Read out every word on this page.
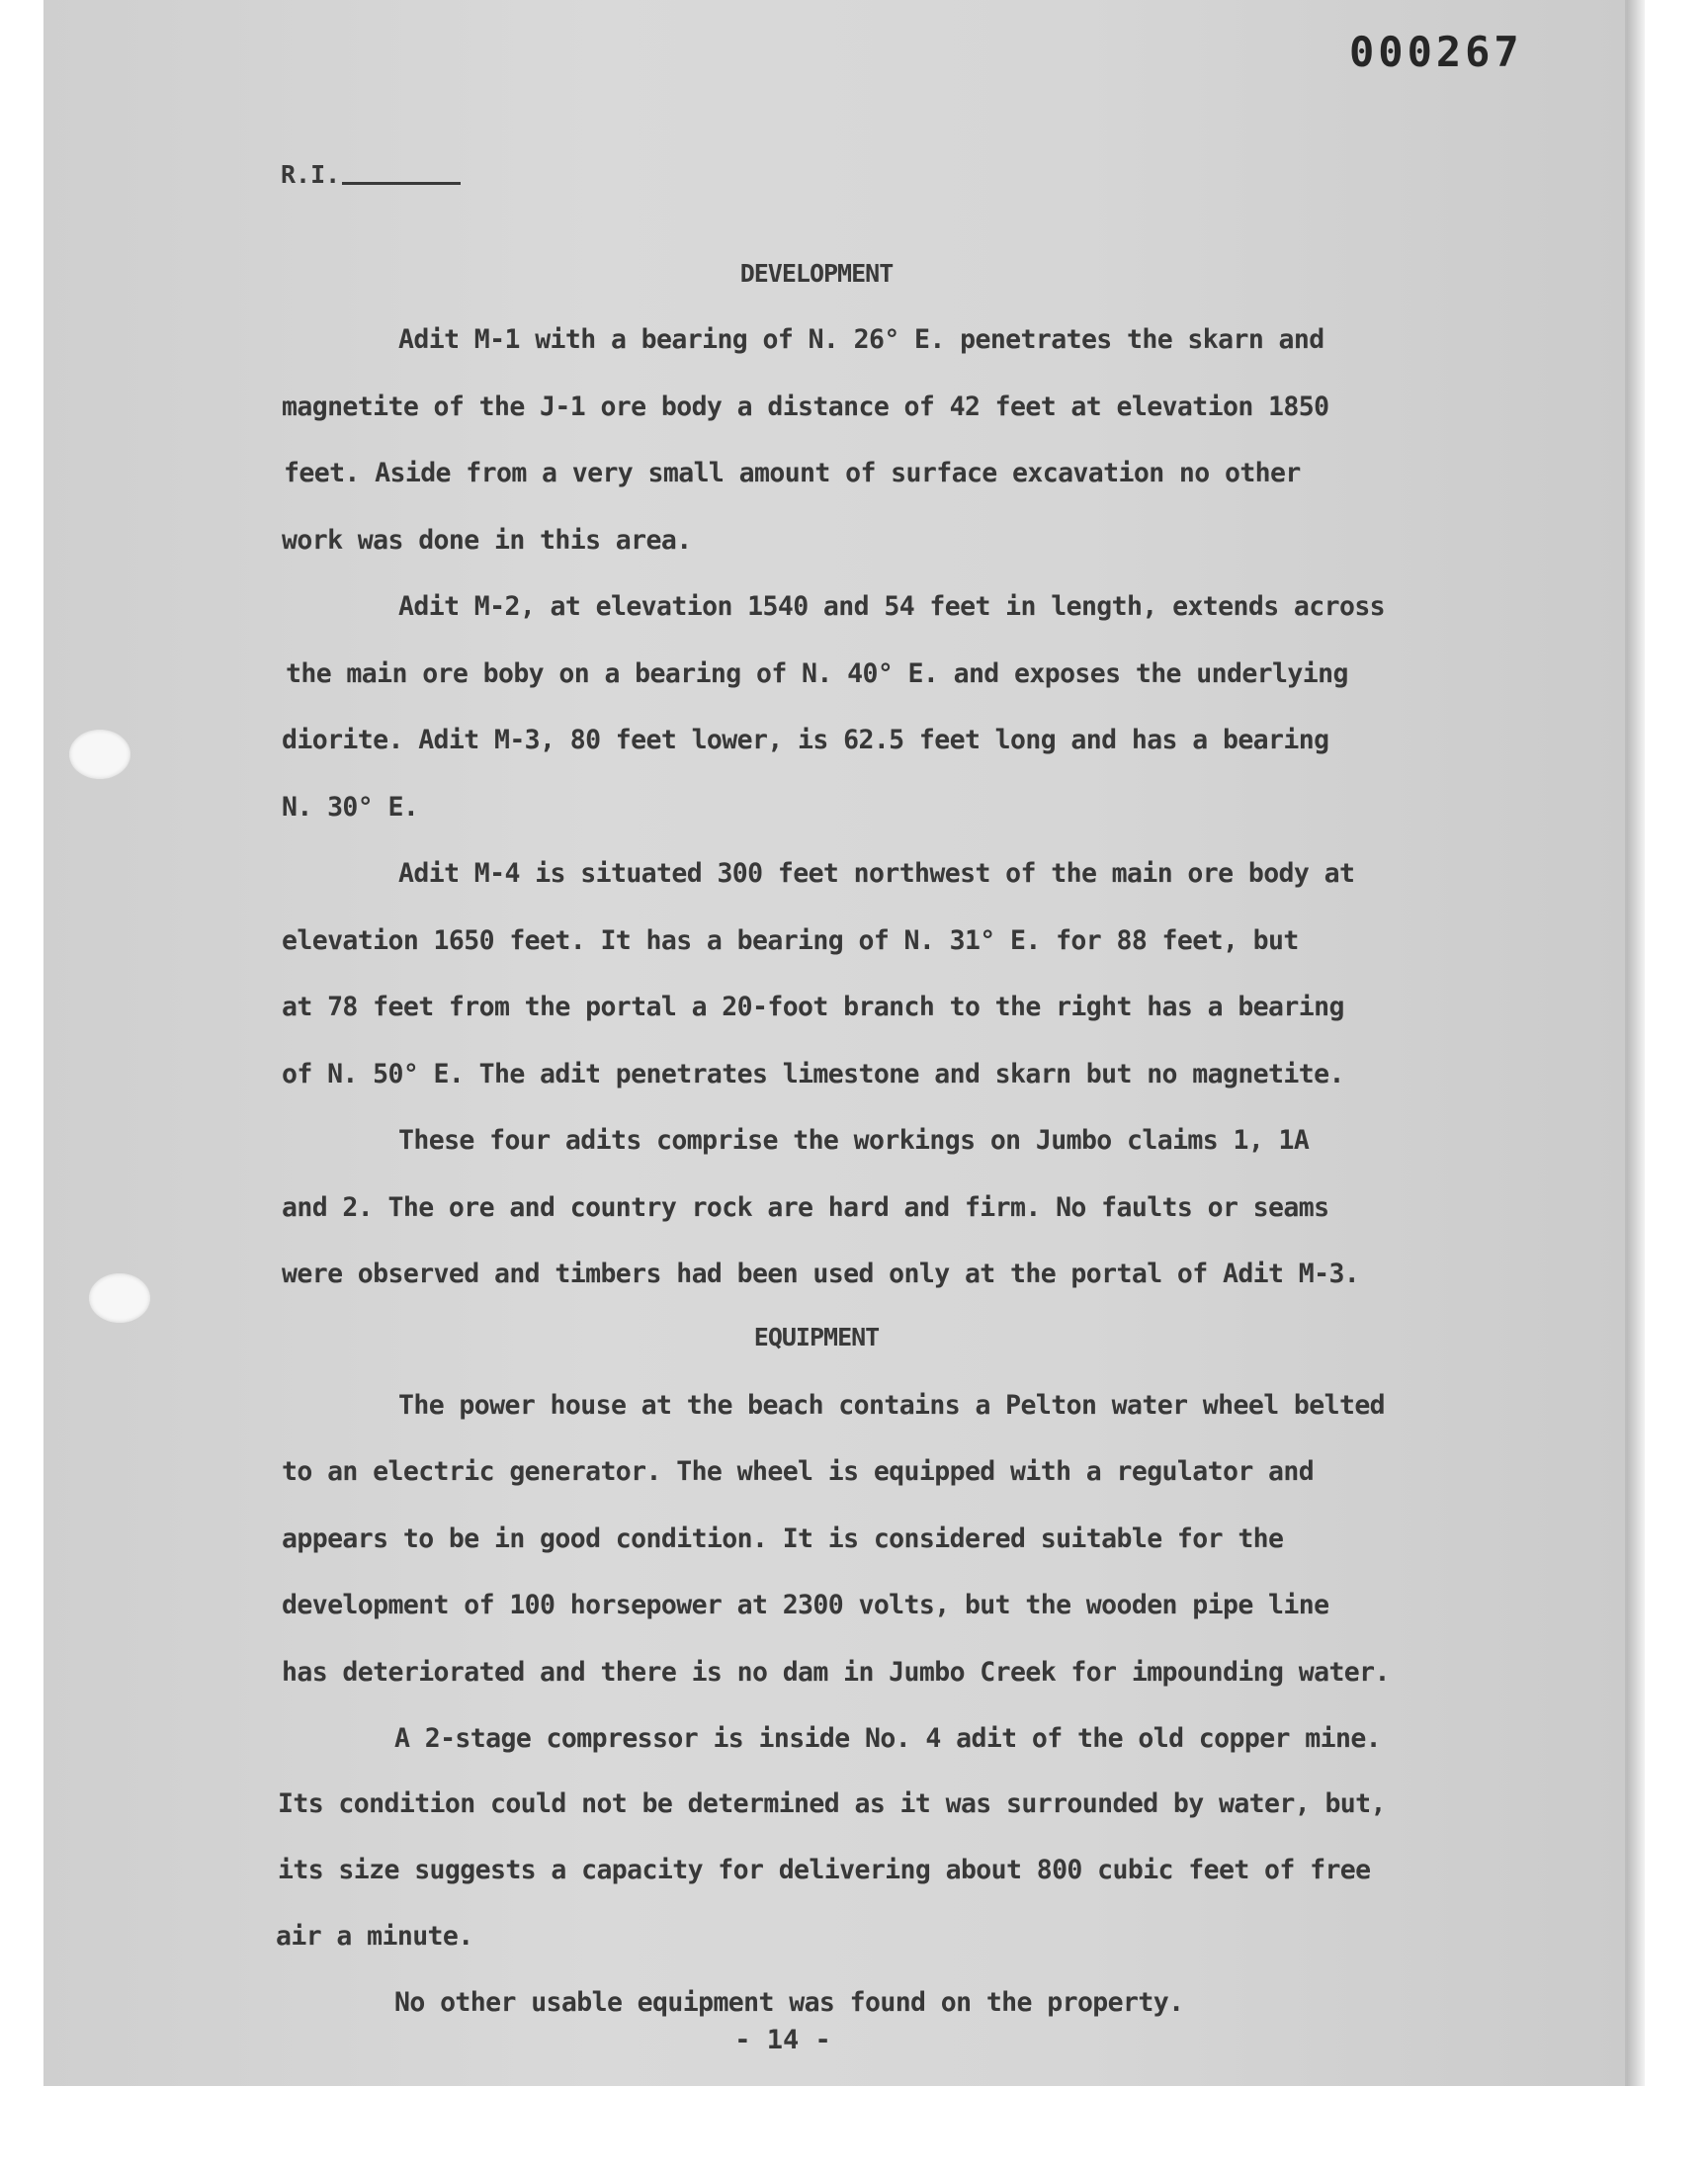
000267
R.I.
DEVELOPMENT
Adit M-1 with a bearing of N. 26° E. penetrates the skarn and
magnetite of the J-1 ore body a distance of 42 feet at elevation 1850
feet. Aside from a very small amount of surface excavation no other
work was done in this area.
Adit M-2, at elevation 1540 and 54 feet in length, extends across
the main ore boby on a bearing of N. 40° E. and exposes the underlying
diorite. Adit M-3, 80 feet lower, is 62.5 feet long and has a bearing
N. 30° E.
Adit M-4 is situated 300 feet northwest of the main ore body at
elevation 1650 feet. It has a bearing of N. 31° E. for 88 feet, but
at 78 feet from the portal a 20-foot branch to the right has a bearing
of N. 50° E. The adit penetrates limestone and skarn but no magnetite.
These four adits comprise the workings on Jumbo claims 1, 1A
and 2. The ore and country rock are hard and firm. No faults or seams
were observed and timbers had been used only at the portal of Adit M-3.
EQUIPMENT
The power house at the beach contains a Pelton water wheel belted
to an electric generator. The wheel is equipped with a regulator and
appears to be in good condition. It is considered suitable for the
development of 100 horsepower at 2300 volts, but the wooden pipe line
has deteriorated and there is no dam in Jumbo Creek for impounding water.
A 2-stage compressor is inside No. 4 adit of the old copper mine.
Its condition could not be determined as it was surrounded by water, but,
its size suggests a capacity for delivering about 800 cubic feet of free
air a minute.
No other usable equipment was found on the property.
- 14 -
